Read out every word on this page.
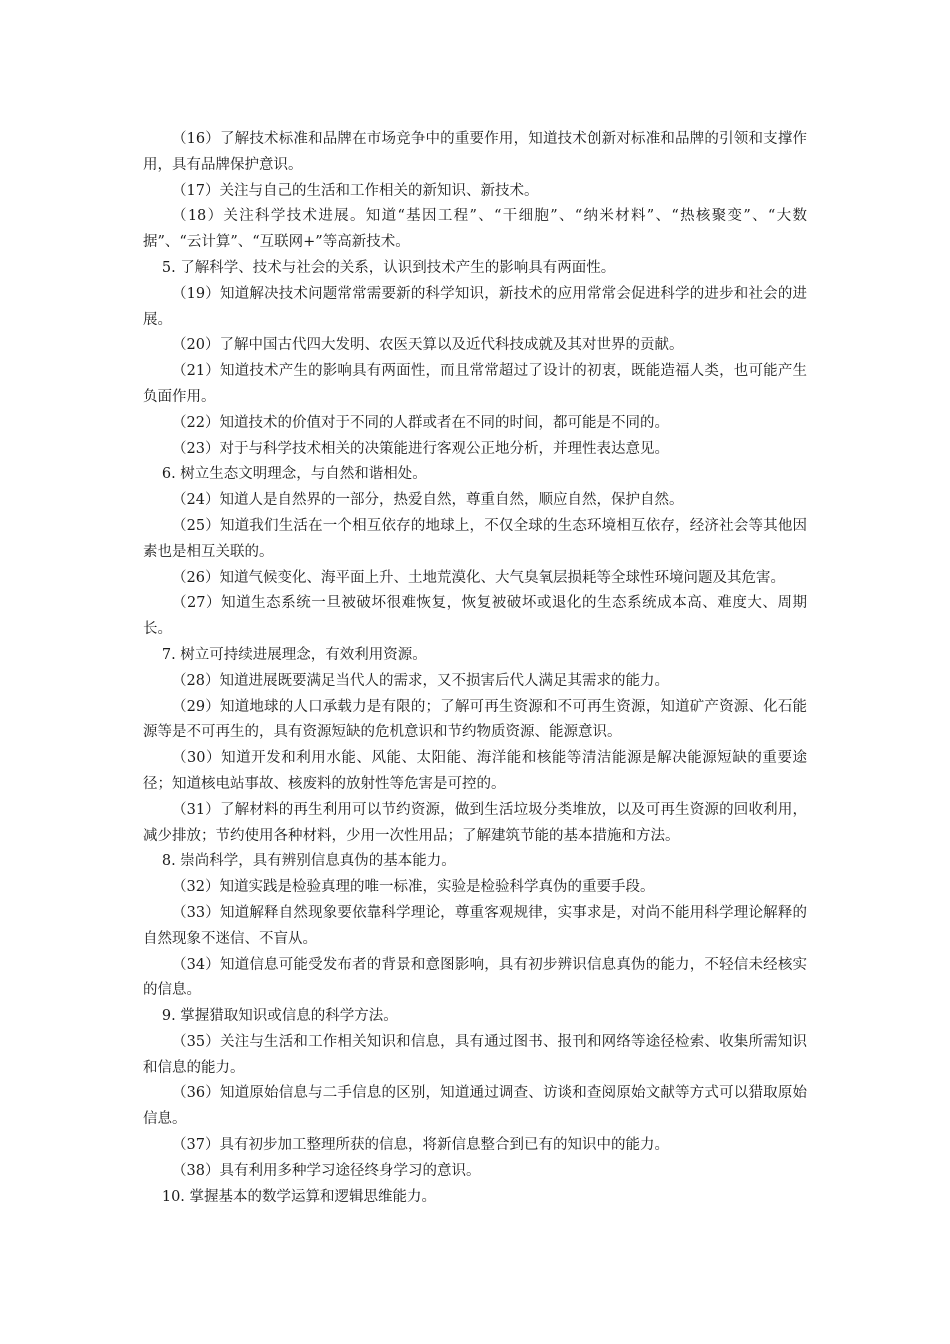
（16）了解技术标准和品牌在市场竞争中的重要作用，知道技术创新对标准和品牌的引领和支撑作用，具有品牌保护意识。

（17）关注与自己的生活和工作相关的新知识、新技术。

（18）关注科学技术进展。知道“基因工程”、“干细胞”、“纳米材料”、“热核聚变”、“大数据”、“云计算”、“互联网+”等高新技术。

5. 了解科学、技术与社会的关系，认识到技术产生的影响具有两面性。

（19）知道解决技术问题常常需要新的科学知识，新技术的应用常常会促进科学的进步和社会的进展。

（20）了解中国古代四大发明、农医天算以及近代科技成就及其对世界的贡献。

（21）知道技术产生的影响具有两面性，而且常常超过了设计的初衷，既能造福人类，也可能产生负面作用。

（22）知道技术的价值对于不同的人群或者在不同的时间，都可能是不同的。

（23）对于与科学技术相关的决策能进行客观公正地分析，并理性表达意见。

6. 树立生态文明理念，与自然和谐相处。

（24）知道人是自然界的一部分，热爱自然，尊重自然，顺应自然，保护自然。

（25）知道我们生活在一个相互依存的地球上，不仅全球的生态环境相互依存，经济社会等其他因素也是相互关联的。

（26）知道气候变化、海平面上升、土地荒漠化、大气臭氧层损耗等全球性环境问题及其危害。

（27）知道生态系统一旦被破坏很难恢复，恢复被破坏或退化的生态系统成本高、难度大、周期长。

7. 树立可持续进展理念，有效利用资源。

（28）知道进展既要满足当代人的需求，又不损害后代人满足其需求的能力。

（29）知道地球的人口承载力是有限的；了解可再生资源和不可再生资源，知道矿产资源、化石能源等是不可再生的，具有资源短缺的危机意识和节约物质资源、能源意识。

（30）知道开发和利用水能、风能、太阳能、海洋能和核能等清洁能源是解决能源短缺的重要途径；知道核电站事故、核废料的放射性等危害是可控的。

（31）了解材料的再生利用可以节约资源，做到生活垃圾分类堆放，以及可再生资源的回收利用，减少排放；节约使用各种材料，少用一次性用品；了解建筑节能的基本措施和方法。

8. 崇尚科学，具有辨别信息真伪的基本能力。

（32）知道实践是检验真理的唯一标准，实验是检验科学真伪的重要手段。

（33）知道解释自然现象要依靠科学理论，尊重客观规律，实事求是，对尚不能用科学理论解释的自然现象不迷信、不盲从。

（34）知道信息可能受发布者的背景和意图影响，具有初步辨识信息真伪的能力，不轻信未经核实的信息。

9. 掌握猎取知识或信息的科学方法。

（35）关注与生活和工作相关知识和信息，具有通过图书、报刊和网络等途径检索、收集所需知识和信息的能力。

（36）知道原始信息与二手信息的区别，知道通过调查、访谈和查阅原始文献等方式可以猎取原始信息。

（37）具有初步加工整理所获的信息，将新信息整合到已有的知识中的能力。

（38）具有利用多种学习途径终身学习的意识。

10. 掌握基本的数学运算和逻辑思维能力。
